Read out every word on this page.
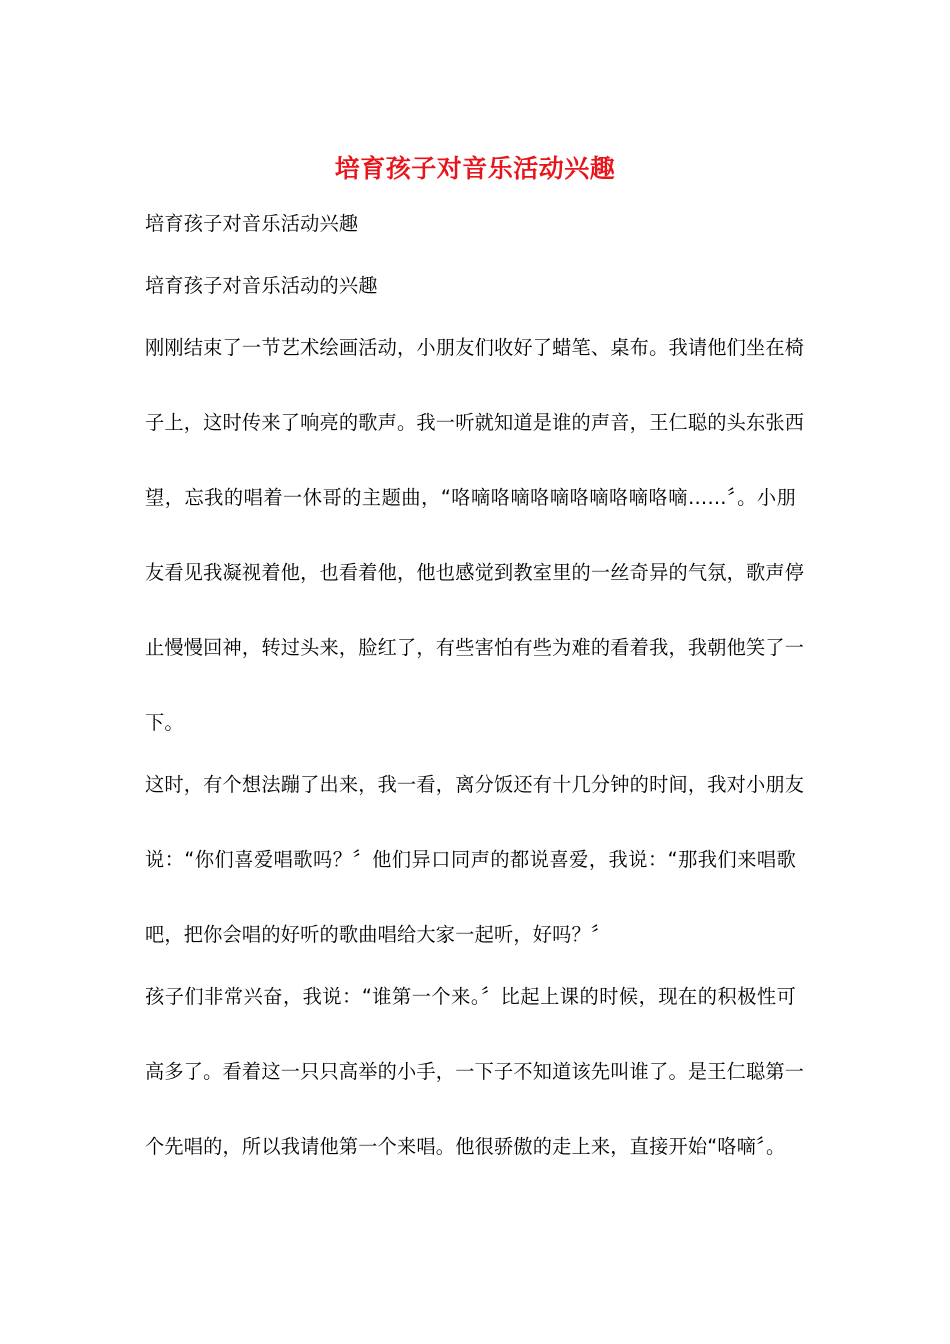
培育孩子对音乐活动兴趣
培育孩子对音乐活动兴趣
培育孩子对音乐活动的兴趣
刚刚结束了一节艺术绘画活动，小朋友们收好了蜡笔、桌布。我请他们坐在椅
子上，这时传来了响亮的歌声。我一听就知道是谁的声音，王仁聪的头东张西
望，忘我的唱着一休哥的主题曲，“咯嘀咯嘀咯嘀咯嘀咯嘀咯嘀……〞。小朋
友看见我凝视着他，也看着他，他也感觉到教室里的一丝奇异的气氛，歌声停
止慢慢回神，转过头来，脸红了，有些害怕有些为难的看着我，我朝他笑了一
下。
这时，有个想法蹦了出来，我一看，离分饭还有十几分钟的时间，我对小朋友
说：“你们喜爱唱歌吗？〞他们异口同声的都说喜爱，我说：“那我们来唱歌
吧，把你会唱的好听的歌曲唱给大家一起听，好吗？〞
孩子们非常兴奋，我说：“谁第一个来。〞比起上课的时候，现在的积极性可
高多了。看着这一只只高举的小手，一下子不知道该先叫谁了。是王仁聪第一
个先唱的，所以我请他第一个来唱。他很骄傲的走上来，直接开始“咯嘀〞。
